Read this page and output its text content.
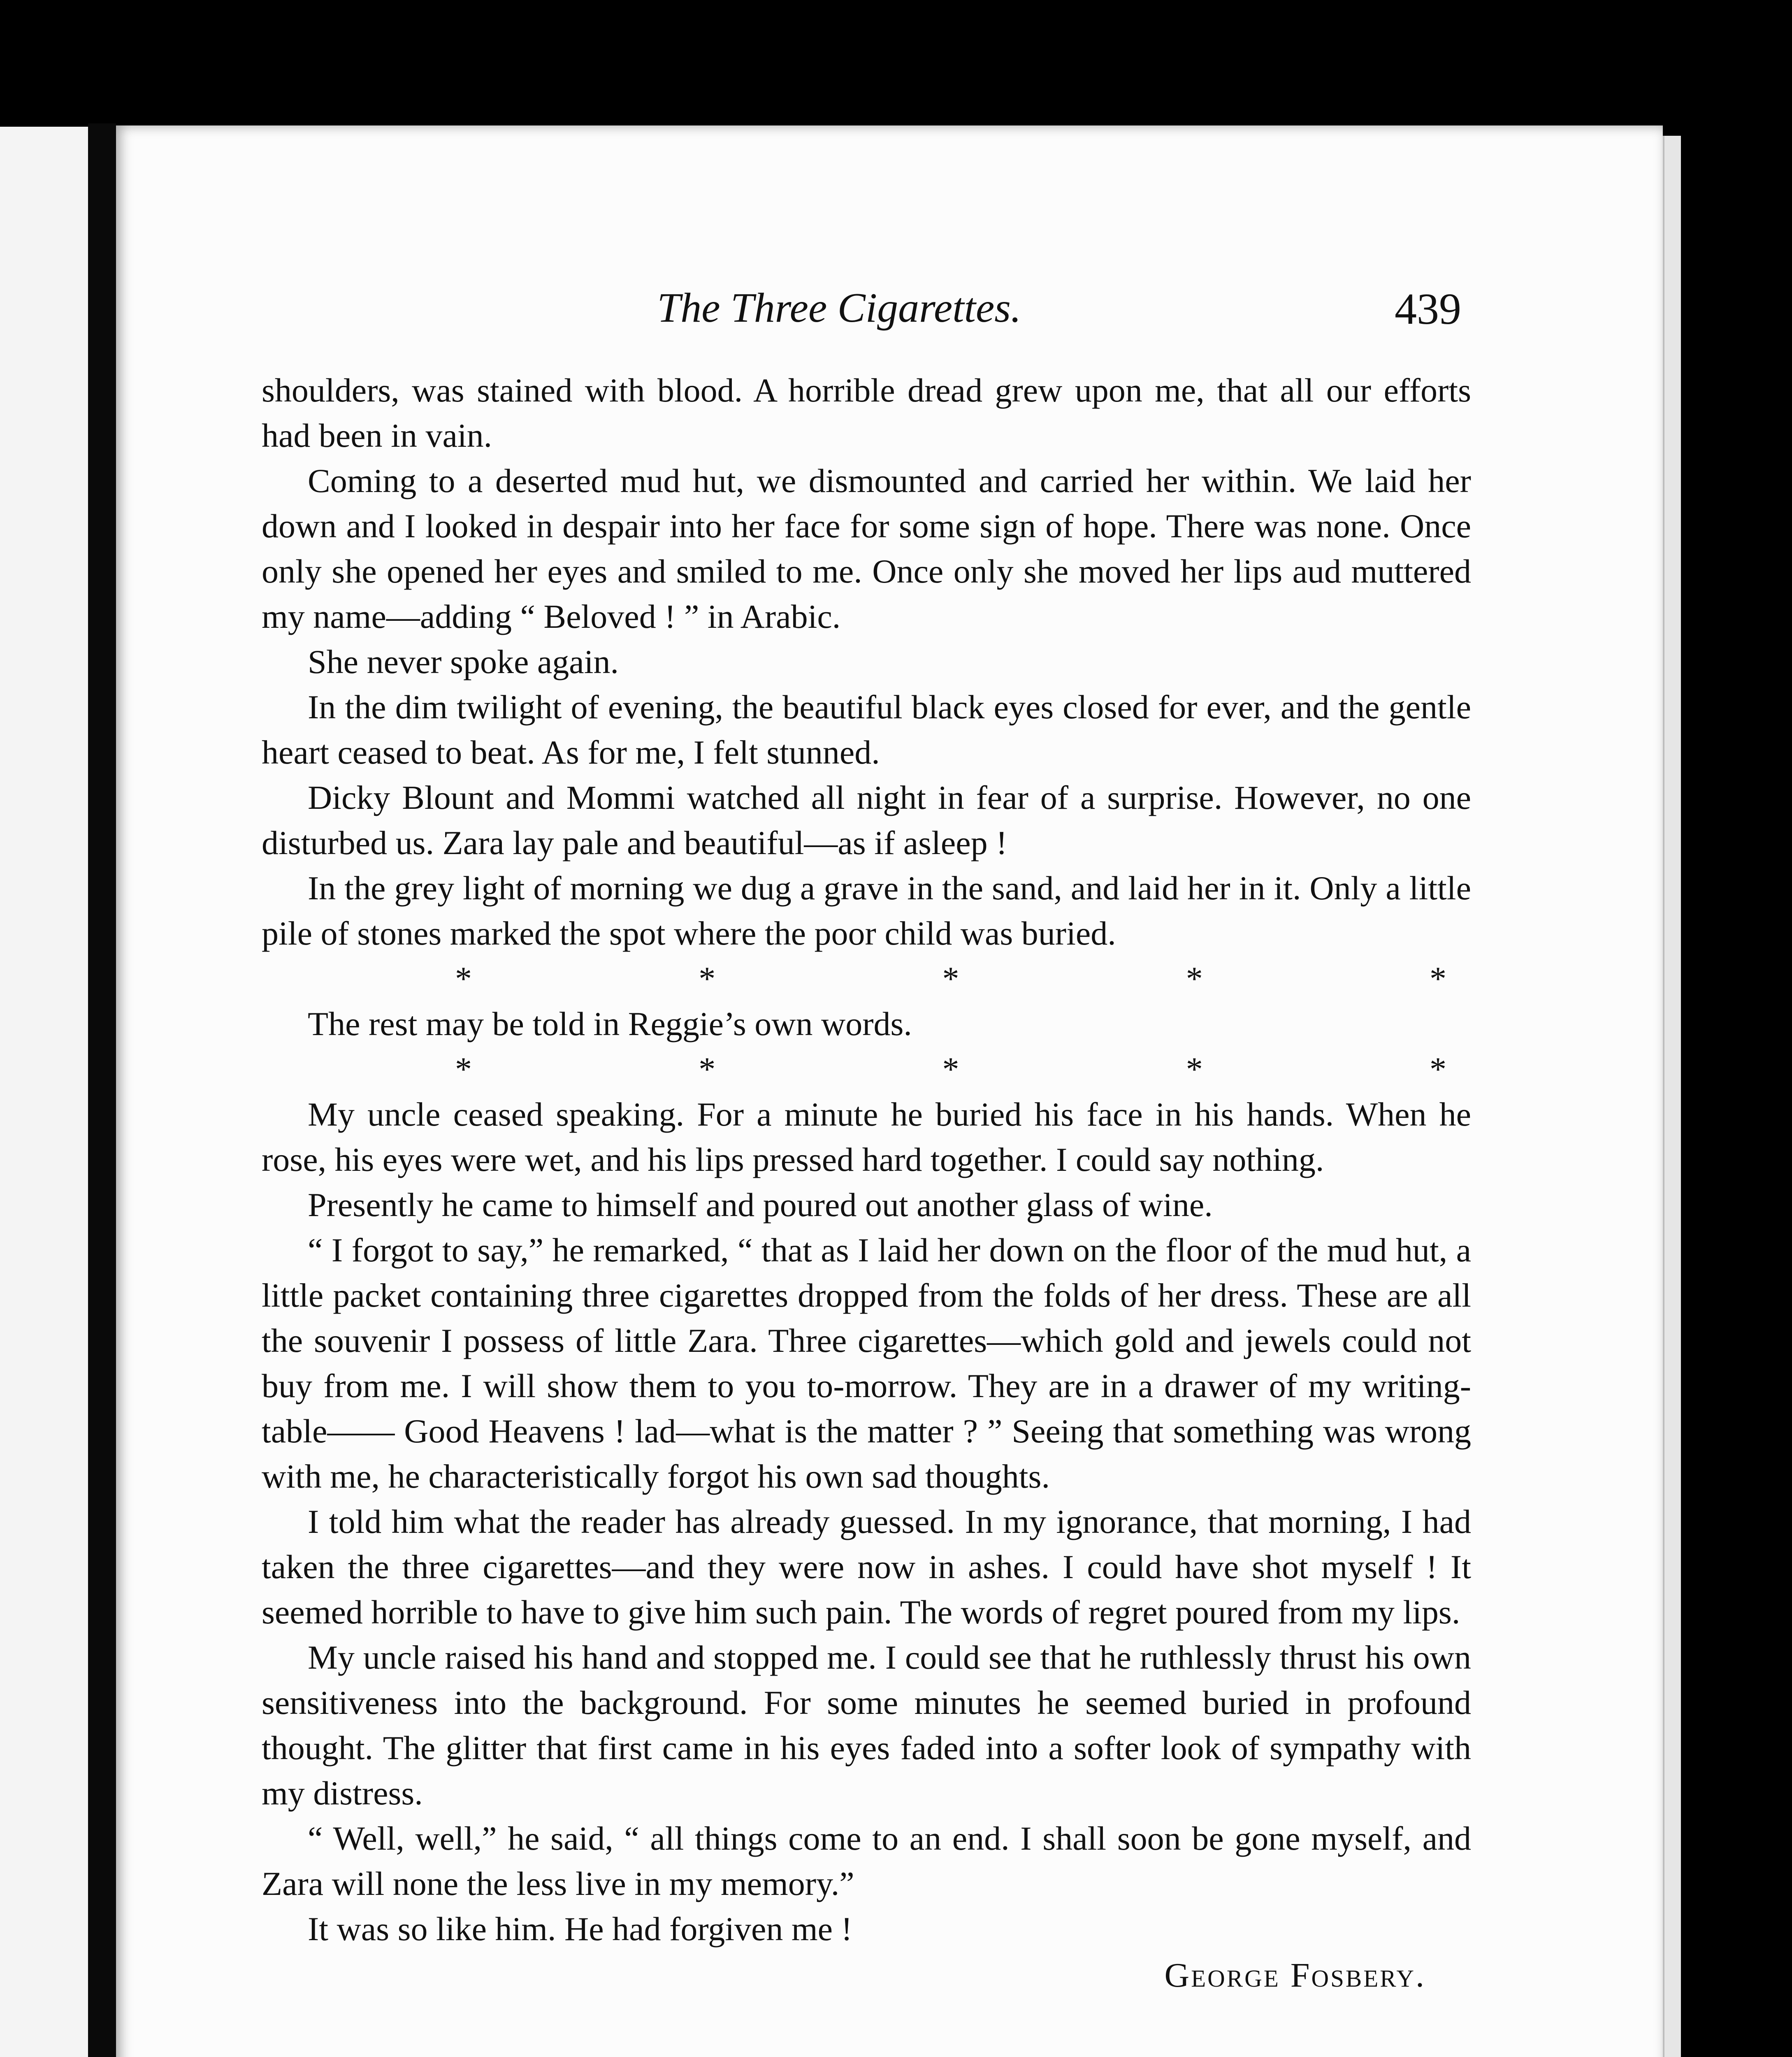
The Three Cigarettes.	439

shoulders, was stained with blood. A horrible dread grew upon me, that all our efforts had been in vain.

Coming to a deserted mud hut, we dismounted and carried her within. We laid her down and I looked in despair into her face for some sign of hope. There was none. Once only she opened her eyes and smiled to me. Once only she moved her lips aud muttered my name—adding “ Beloved ! ” in Arabic.

She never spoke again.

In the dim twilight of evening, the beautiful black eyes closed for ever, and the gentle heart ceased to beat. As for me, I felt stunned.

Dicky Blount and Mommi watched all night in fear of a surprise. However, no one disturbed us. Zara lay pale and beautiful—as if asleep !

In the grey light of morning we dug a grave in the sand, and laid her in it. Only a little pile of stones marked the spot where the poor child was buried.

*	*	*	*	*

The rest may be told in Reggie’s own words.

*	*	*	*	*

My uncle ceased speaking. For a minute he buried his face in his hands. When he rose, his eyes were wet, and his lips pressed hard together. I could say nothing.

Presently he came to himself and poured out another glass of wine.

“ I forgot to say,” he remarked, “ that as I laid her down on the floor of the mud hut, a little packet containing three cigarettes dropped from the folds of her dress. These are all the souvenir I possess of little Zara. Three cigarettes—which gold and jewels could not buy from me. I will show them to you to-morrow. They are in a drawer of my writing-table—— Good Heavens ! lad—what is the matter ? ” Seeing that something was wrong with me, he characteristically forgot his own sad thoughts.

I told him what the reader has already guessed. In my ignorance, that morning, I had taken the three cigarettes—and they were now in ashes. I could have shot myself ! It seemed horrible to have to give him such pain. The words of regret poured from my lips.

My uncle raised his hand and stopped me. I could see that he ruthlessly thrust his own sensitiveness into the background. For some minutes he seemed buried in profound thought. The glitter that first came in his eyes faded into a softer look of sympathy with my distress.

“ Well, well,” he said, “ all things come to an end. I shall soon be gone myself, and Zara will none the less live in my memory.”

It was so like him. He had forgiven me !

George Fosbery.
